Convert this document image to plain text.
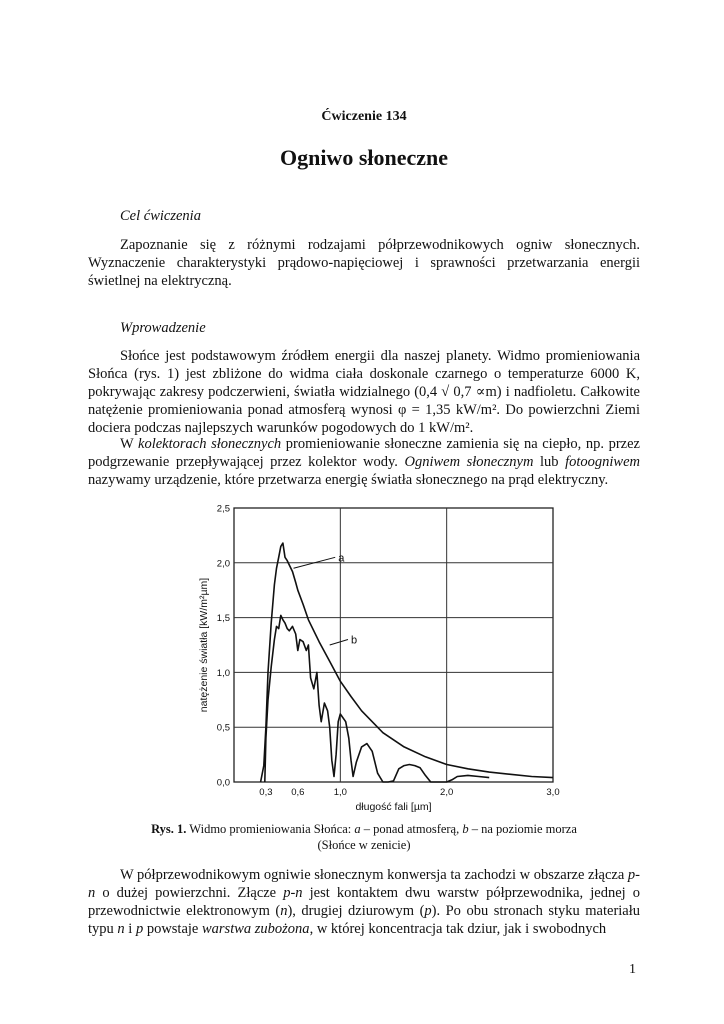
Ćwiczenie 134
Ogniwo słoneczne
Cel ćwiczenia

Zapoznanie się z różnymi rodzajami półprzewodnikowych ogniw słonecznych. Wyznaczenie charakterystyki prądowo-napięciowej i sprawności przetwarzania energii świetlnej na elektryczną.

Wprowadzenie

Słońce jest podstawowym źródłem energii dla naszej planety. Widmo promieniowania Słońca (rys. 1) jest zbliżone do widma ciała doskonale czarnego o temperaturze 6000 K, pokrywając zakresy podczerwieni, światła widzialnego (0,4 √ 0,7 ∝m) i nadfioletu. Całkowite natężenie promieniowania ponad atmosferą wynosi φ = 1,35 kW/m². Do powierzchni Ziemi dociera podczas najlepszych warunków pogodowych do 1 kW/m².

W kolektorach słonecznych promieniowanie słoneczne zamienia się na ciepło, np. przez podgrzewanie przepływającej przez kolektor wody. Ogniwem słonecznym lub fotoogniwem nazywamy urządzenie, które przetwarza energię światła słonecznego na prąd elektryczny.

0,3 0,6	1,0	2,0	3,0
0,0
0,5
1,0
1,5
2,0
2,5
a
b
długość fali [µm]
natężenie światła [kW/m²µm]
Rys. 1. Widmo promieniowania Słońca: a – ponad atmosferą, b – na poziomie morza
(Słońce w zenicie)

W półprzewodnikowym ogniwie słonecznym konwersja ta zachodzi w obszarze złącza p-n o dużej powierzchni. Złącze p-n jest kontaktem dwu warstw półprzewodnika, jednej o przewodnictwie elektronowym (n), drugiej dziurowym (p). Po obu stronach styku materiału typu n i p powstaje warstwa zubożona, w której koncentracja tak dziur, jak i swobodnych

1
